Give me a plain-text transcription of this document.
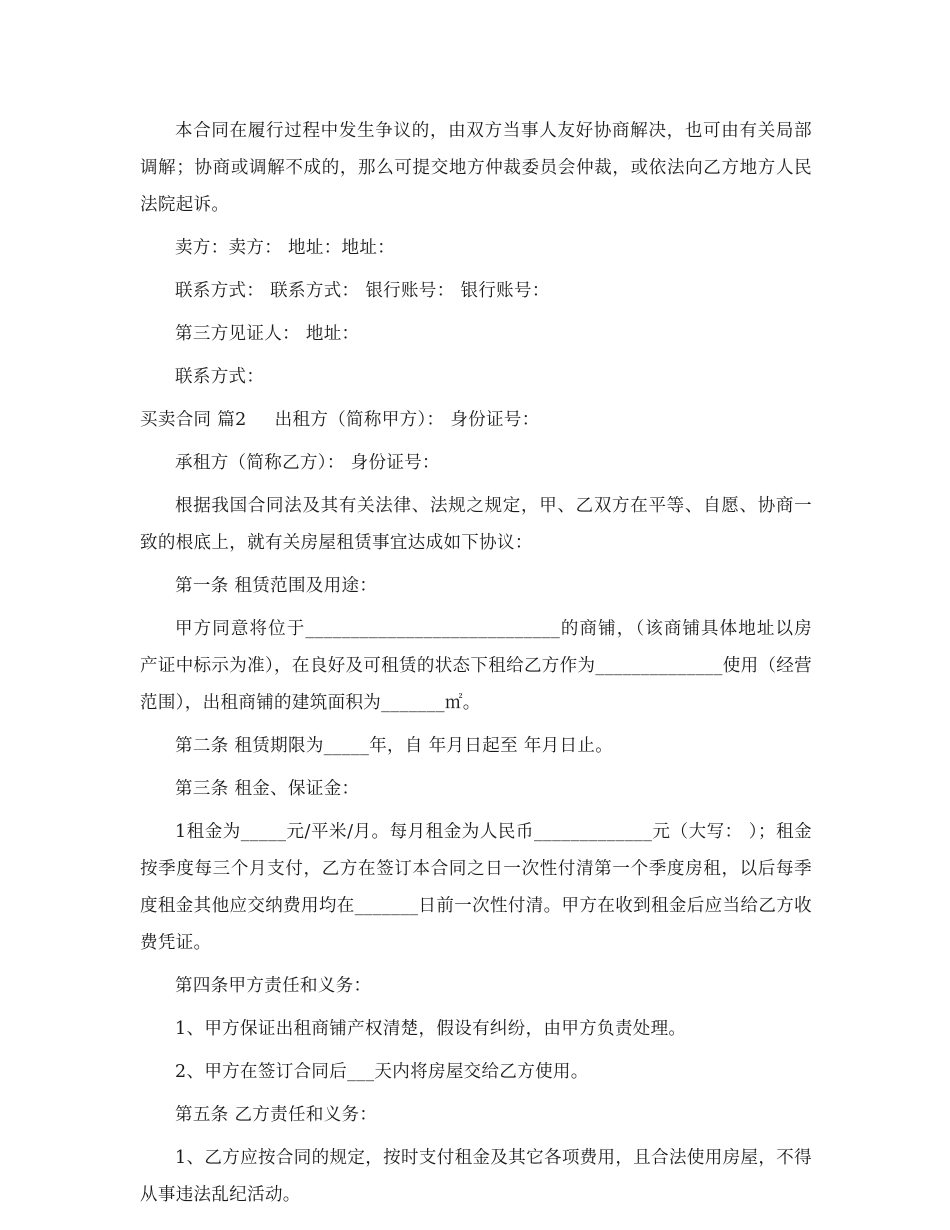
本合同在履行过程中发生争议的，由双方当事人友好协商解决，也可由有关局部调解；协商或调解不成的，那么可提交地方仲裁委员会仲裁，或依法向乙方地方人民法院起诉。

卖方：卖方： 地址：地址：

联系方式： 联系方式： 银行账号： 银行账号：

第三方见证人： 地址：

联系方式：

买卖合同 篇2 出租方（简称甲方）： 身份证号：

承租方（简称乙方）： 身份证号：

根据我国合同法及其有关法律、法规之规定，甲、乙双方在平等、自愿、协商一致的根底上，就有关房屋租赁事宜达成如下协议：

第一条 租赁范围及用途：

甲方同意将位于____________________________的商铺，（该商铺具体地址以房产证中标示为准），在良好及可租赁的状态下租给乙方作为______________使用（经营范围），出租商铺的建筑面积为_______㎡。

第二条 租赁期限为_____年，自 年月日起至 年月日止。

第三条 租金、保证金：

1租金为_____元/平米/月。每月租金为人民币_____________元（大写： ）；租金按季度每三个月支付，乙方在签订本合同之日一次性付清第一个季度房租，以后每季度租金其他应交纳费用均在_______日前一次性付清。甲方在收到租金后应当给乙方收费凭证。

第四条甲方责任和义务：

1、甲方保证出租商铺产权清楚，假设有纠纷，由甲方负责处理。

2、甲方在签订合同后___天内将房屋交给乙方使用。

第五条 乙方责任和义务：

1、乙方应按合同的规定，按时支付租金及其它各项费用，且合法使用房屋，不得从事违法乱纪活动。
